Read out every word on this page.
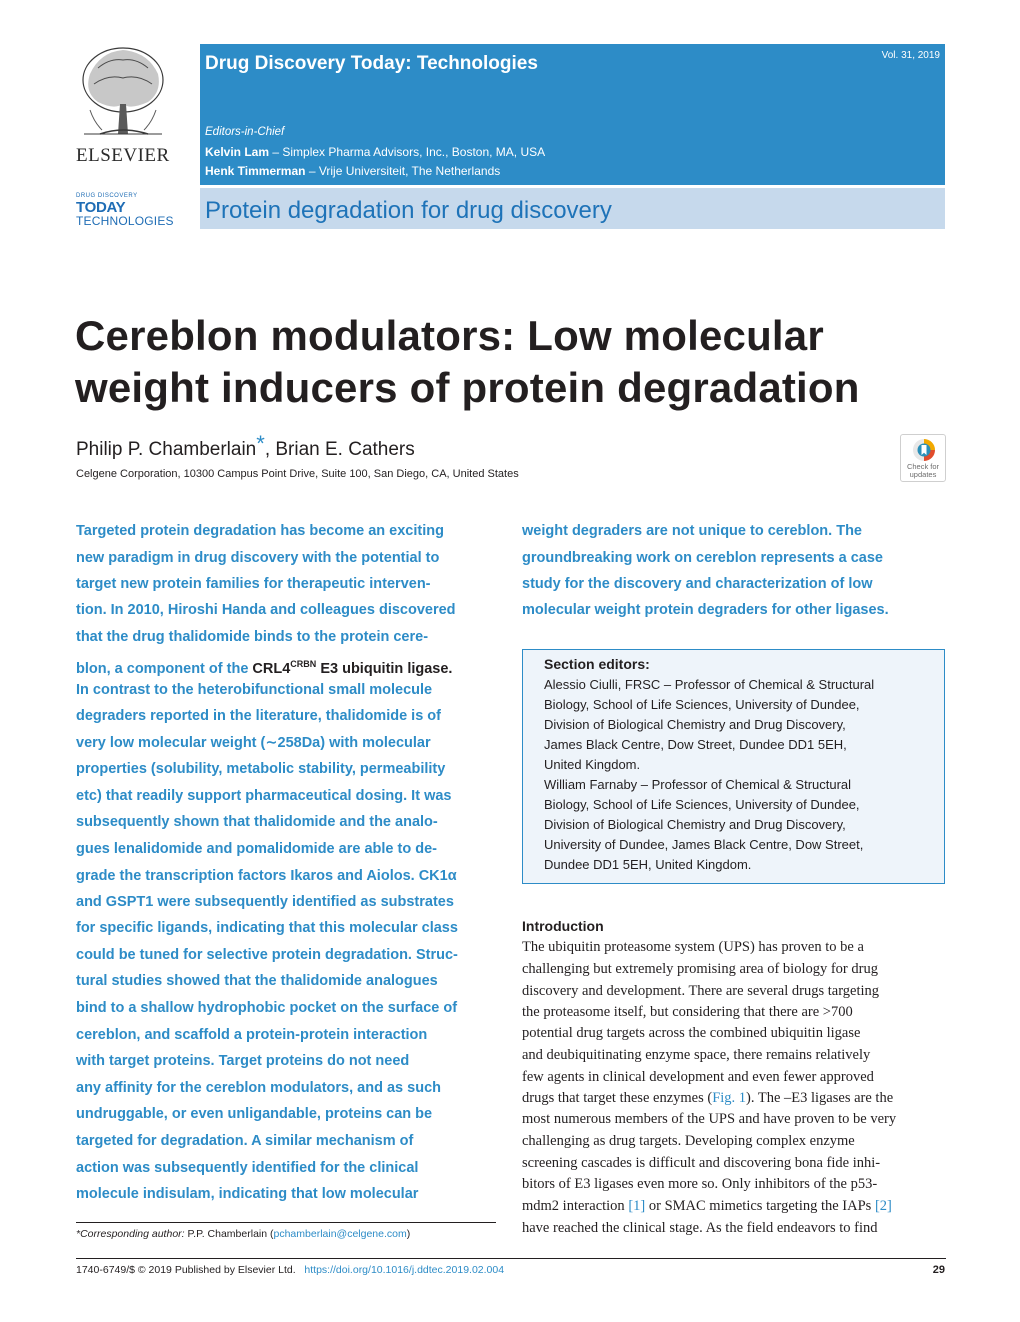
ELSEVIER
DRUG DISCOVERY
TODAY
TECHNOLOGIES
Drug Discovery Today: Technologies	Vol. 31, 2019
Editors-in-Chief
Kelvin Lam – Simplex Pharma Advisors, Inc., Boston, MA, USA
Henk Timmerman – Vrije Universiteit, The Netherlands
Protein degradation for drug discovery
Cereblon modulators: Low molecular
weight inducers of protein degradation
Philip P. Chamberlain*, Brian E. Cathers
Celgene Corporation, 10300 Campus Point Drive, Suite 100, San Diego, CA, United States
Check for
updates
Targeted protein degradation has become an exciting
new paradigm in drug discovery with the potential to
target new protein families for therapeutic interven-
tion. In 2010, Hiroshi Handa and colleagues discovered
that the drug thalidomide binds to the protein cere-
In contrast to the heterobifunctional small molecule
degraders reported in the literature, thalidomide is of
very low molecular weight (∼258Da) with molecular
properties (solubility, metabolic stability, permeability
etc) that readily support pharmaceutical dosing. It was
subsequently shown that thalidomide and the analo-
gues lenalidomide and pomalidomide are able to de-
grade the transcription factors Ikaros and Aiolos. CK1α
and GSPT1 were subsequently identified as substrates
for specific ligands, indicating that this molecular class
could be tuned for selective protein degradation. Struc-
tural studies showed that the thalidomide analogues
bind to a shallow hydrophobic pocket on the surface of
cereblon, and scaffold a protein-protein interaction
with target proteins. Target proteins do not need
any affinity for the cereblon modulators, and as such
undruggable, or even unligandable, proteins can be
targeted for degradation. A similar mechanism of
action was subsequently identified for the clinical
molecule indisulam, indicating that low molecular
blon, a component of the $CRL4^{CRBN}$ E3 ubiquitin ligase.
weight degraders are not unique to cereblon. The
groundbreaking work on cereblon represents a case
study for the discovery and characterization of low
molecular weight protein degraders for other ligases.
Section editors:
Alessio Ciulli, FRSC – Professor of Chemical & Structural
Biology, School of Life Sciences, University of Dundee,
Division of Biological Chemistry and Drug Discovery,
James Black Centre, Dow Street, Dundee DD1 5EH,
United Kingdom.
William Farnaby – Professor of Chemical & Structural
Biology, School of Life Sciences, University of Dundee,
Division of Biological Chemistry and Drug Discovery,
University of Dundee, James Black Centre, Dow Street,
Dundee DD1 5EH, United Kingdom.
Introduction
The ubiquitin proteasome system (UPS) has proven to be a
challenging but extremely promising area of biology for drug
discovery and development. There are several drugs targeting
the proteasome itself, but considering that there are >700
potential drug targets across the combined ubiquitin ligase
and deubiquitinating enzyme space, there remains relatively
few agents in clinical development and even fewer approved
most numerous members of the UPS and have proven to be very
challenging as drug targets. Developing complex enzyme
screening cascades is difficult and discovering bona fide inhi-
bitors of E3 ligases even more so. Only inhibitors of the p53-
have reached the clinical stage. As the field endeavors to find
drugs that target these enzymes (Fig. 1). The –E3 ligases are the
mdm2 interaction [1] or SMAC mimetics targeting the IAPs [2]
*Corresponding author: P.P. Chamberlain (pchamberlain@celgene.com)
1740-6749/$ © 2019 Published by Elsevier Ltd. https://doi.org/10.1016/j.ddtec.2019.02.004	29
